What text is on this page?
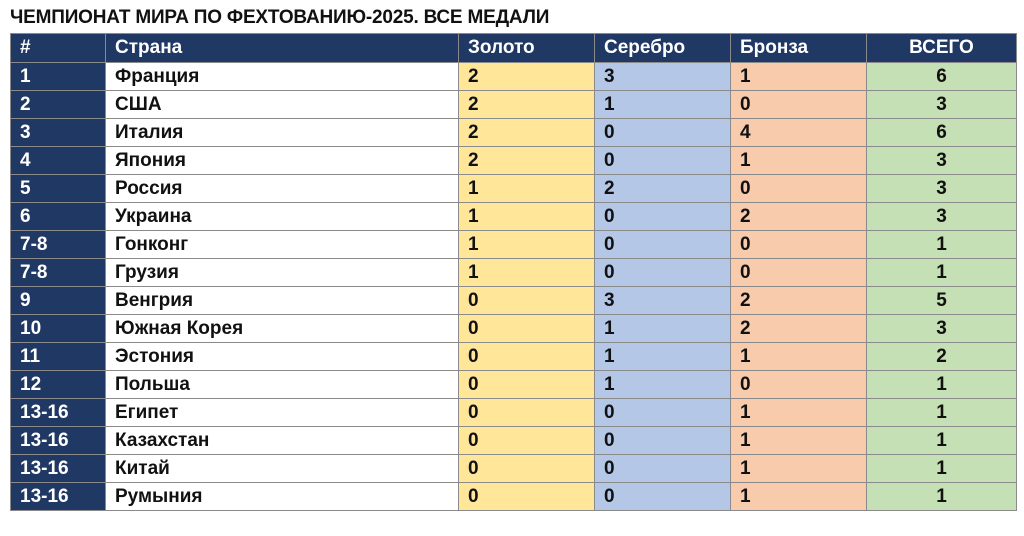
ЧЕМПИОНАТ МИРА ПО ФЕХТОВАНИЮ-2025. ВСЕ МЕДАЛИ
#	Страна	Золото	Серебро	Бронза	ВСЕГО
1	Франция	2	3	1	6
2	США	2	1	0	3
3	Италия	2	0	4	6
4	Япония	2	0	1	3
5	Россия	1	2	0	3
6	Украина	1	0	2	3
7-8	Гонконг	1	0	0	1
7-8	Грузия	1	0	0	1
9	Венгрия	0	3	2	5
10	Южная Корея	0	1	2	3
11	Эстония	0	1	1	2
12	Польша	0	1	0	1
13-16	Египет	0	0	1	1
13-16	Казахстан	0	0	1	1
13-16	Китай	0	0	1	1
13-16	Румыния	0	0	1	1
